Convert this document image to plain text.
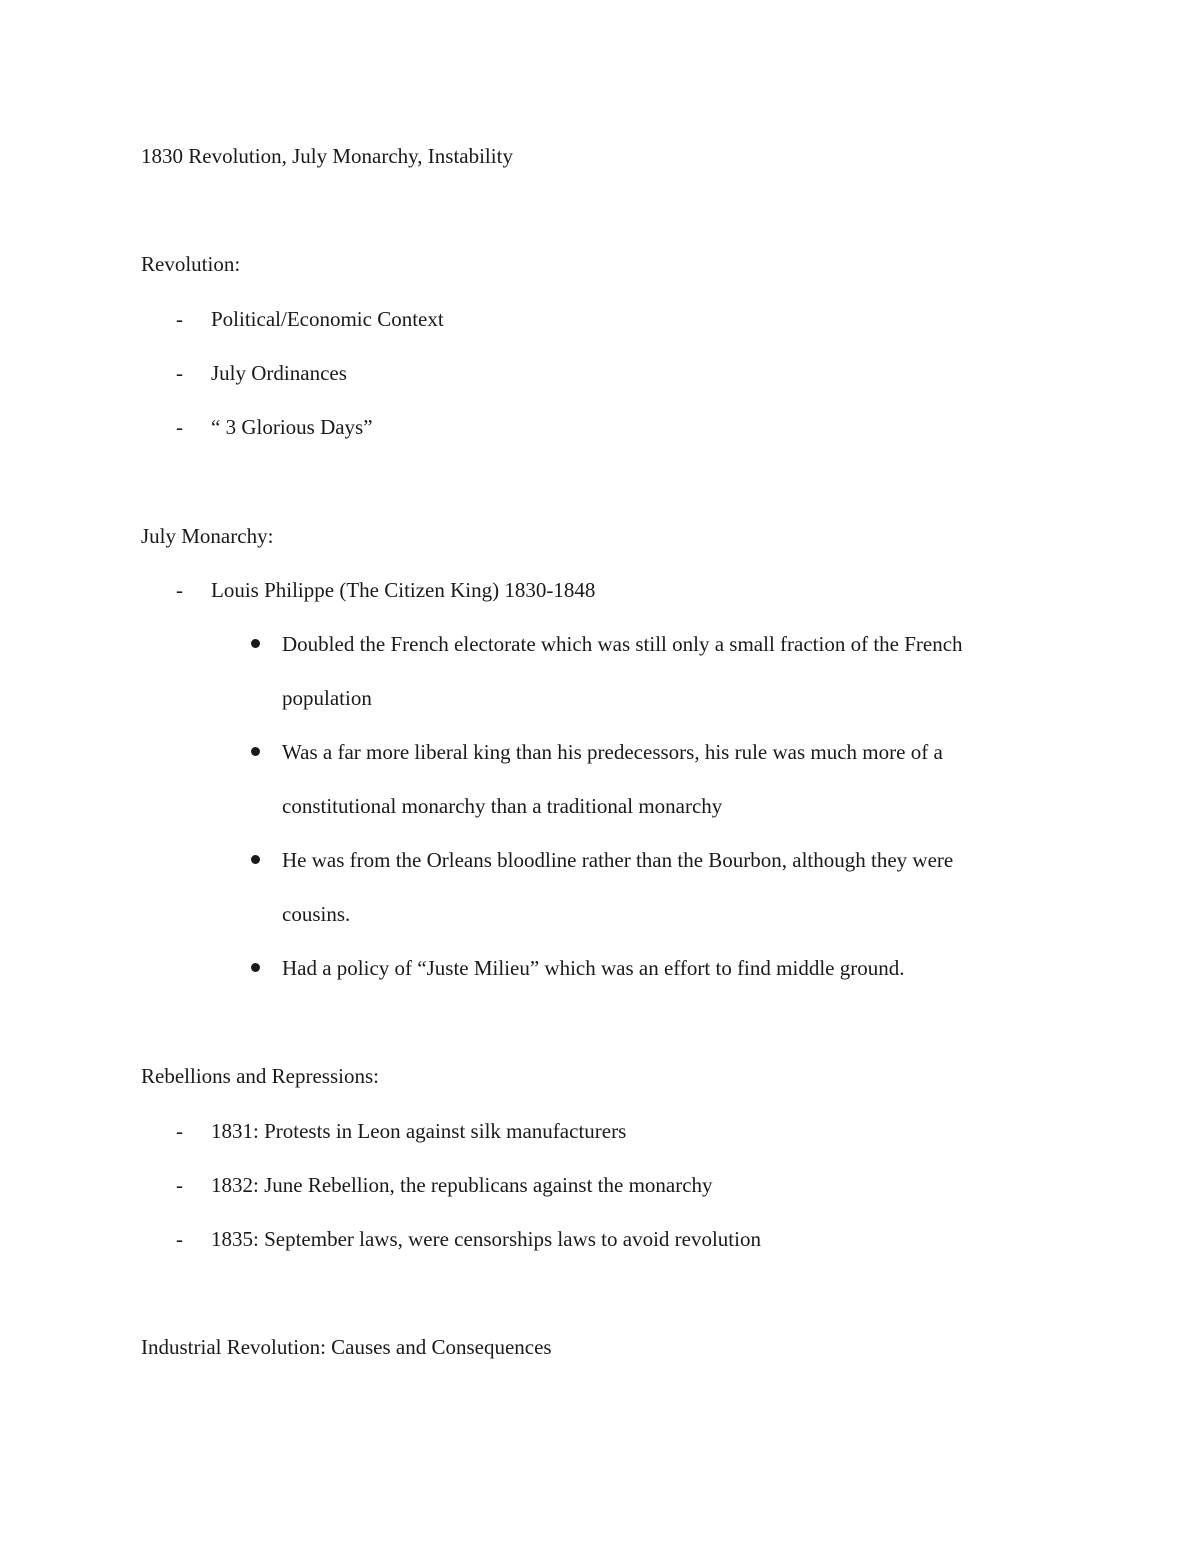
1830 Revolution, July Monarchy, Instability
Revolution:
- Political/Economic Context
- July Ordinances
- “ 3 Glorious Days”
July Monarchy:
- Louis Philippe (The Citizen King) 1830-1848
Doubled the French electorate which was still only a small fraction of the French
population
Was a far more liberal king than his predecessors, his rule was much more of a
constitutional monarchy than a traditional monarchy
He was from the Orleans bloodline rather than the Bourbon, although they were
cousins.
Had a policy of “Juste Milieu” which was an effort to find middle ground.
Rebellions and Repressions:
- 1831: Protests in Leon against silk manufacturers
- 1832: June Rebellion, the republicans against the monarchy
- 1835: September laws, were censorships laws to avoid revolution
Industrial Revolution: Causes and Consequences
